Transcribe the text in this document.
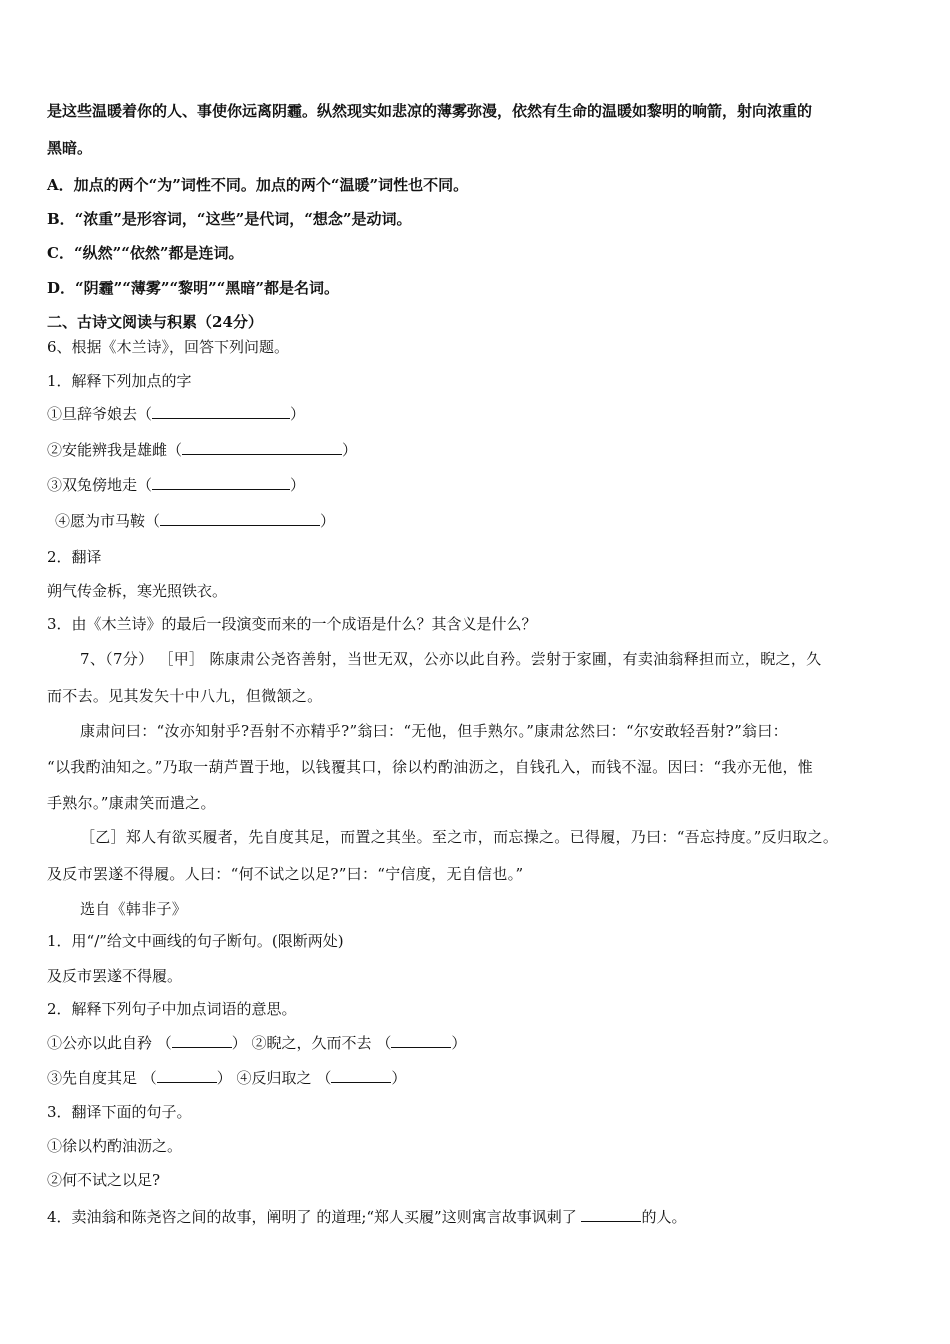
是这些温暖着你的人、事使你远离阴霾。纵然现实如悲凉的薄雾弥漫，依然有生命的温暖如黎明的响箭，射向浓重的
黑暗。
A．加点的两个“为”词性不同。加点的两个“温暖”词性也不同。
B．“浓重”是形容词，“这些”是代词，“想念”是动词。
C．“纵然”“依然”都是连词。
D．“阴霾”“薄雾”“黎明”“黑暗”都是名词。
二、古诗文阅读与积累（24分）
6、根据《木兰诗》，回答下列问题。
1．解释下列加点的字
①旦辞爷娘去（	）
②安能辨我是雄雌（	）
③双兔傍地走（	）
④愿为市马鞍（	）
2．翻译
朔气传金柝，寒光照铁衣。
3．由《木兰诗》的最后一段演变而来的一个成语是什么？其含义是什么？
7、（7分） ［甲］ 陈康肃公尧咨善射，当世无双，公亦以此自矜。尝射于家圃，有卖油翁释担而立，睨之，久
而不去。见其发矢十中八九，但微颔之。
康肃问曰：“汝亦知射乎?吾射不亦精乎?”翁曰：“无他，但手熟尔。”康肃忿然曰：“尔安敢轻吾射?”翁曰：
“以我酌油知之。”乃取一葫芦置于地，以钱覆其口，徐以杓酌油沥之，自钱孔入，而钱不湿。因曰：“我亦无他，惟
手熟尔。”康肃笑而遣之。
［乙］郑人有欲买履者，先自度其足，而置之其坐。至之市，而忘操之。已得履，乃曰：“吾忘持度。”反归取之。
及反市罢遂不得履。人曰：“何不试之以足?”曰：“宁信度，无自信也。”
选自《韩非子》
1．用“/”给文中画线的句子断句。(限断两处)
及反市罢遂不得履。
2．解释下列句子中加点词语的意思。
①公亦以此自矜 （	） ②睨之，久而不去 （	）
③先自度其足 （	） ④反归取之 （	）
3．翻译下面的句子。
①徐以杓酌油沥之。
②何不试之以足?
4．卖油翁和陈尧咨之间的故事，阐明了 的道理;“郑人买履”这则寓言故事讽刺了	的人。
